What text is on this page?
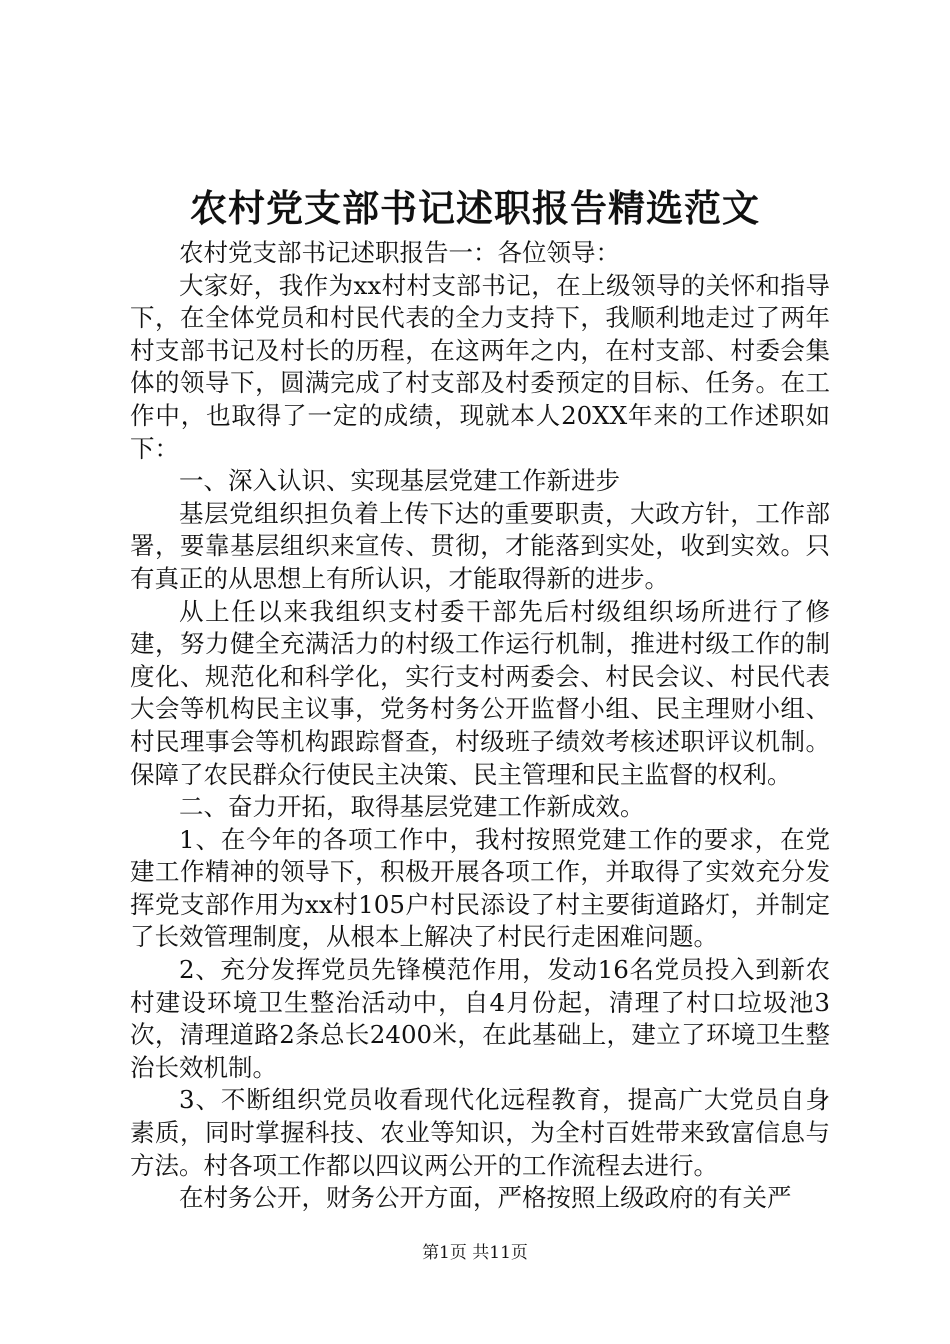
农村党支部书记述职报告精选范文

农村党支部书记述职报告一：各位领导：

大家好，我作为xx村村支部书记，在上级领导的关怀和指导下，在全体党员和村民代表的全力支持下，我顺利地走过了两年村支部书记及村长的历程，在这两年之内，在村支部、村委会集体的领导下，圆满完成了村支部及村委预定的目标、任务。在工作中，也取得了一定的成绩，现就本人20XX年来的工作述职如下：

一、深入认识、实现基层党建工作新进步

基层党组织担负着上传下达的重要职责，大政方针，工作部署，要靠基层组织来宣传、贯彻，才能落到实处，收到实效。只有真正的从思想上有所认识，才能取得新的进步。

从上任以来我组织支村委干部先后村级组织场所进行了修建，努力健全充满活力的村级工作运行机制，推进村级工作的制度化、规范化和科学化，实行支村两委会、村民会议、村民代表大会等机构民主议事，党务村务公开监督小组、民主理财小组、村民理事会等机构跟踪督查，村级班子绩效考核述职评议机制。保障了农民群众行使民主决策、民主管理和民主监督的权利。

二、奋力开拓，取得基层党建工作新成效。

1、在今年的各项工作中，我村按照党建工作的要求，在党建工作精神的领导下，积极开展各项工作，并取得了实效充分发挥党支部作用为xx村105户村民添设了村主要街道路灯，并制定了长效管理制度，从根本上解决了村民行走困难问题。

2、充分发挥党员先锋模范作用，发动16名党员投入到新农村建设环境卫生整治活动中，自4月份起，清理了村口垃圾池3次，清理道路2条总长2400米，在此基础上，建立了环境卫生整治长效机制。

3、不断组织党员收看现代化远程教育，提高广大党员自身素质，同时掌握科技、农业等知识，为全村百姓带来致富信息与方法。村各项工作都以四议两公开的工作流程去进行。

在村务公开，财务公开方面，严格按照上级政府的有关严

第1页 共11页
